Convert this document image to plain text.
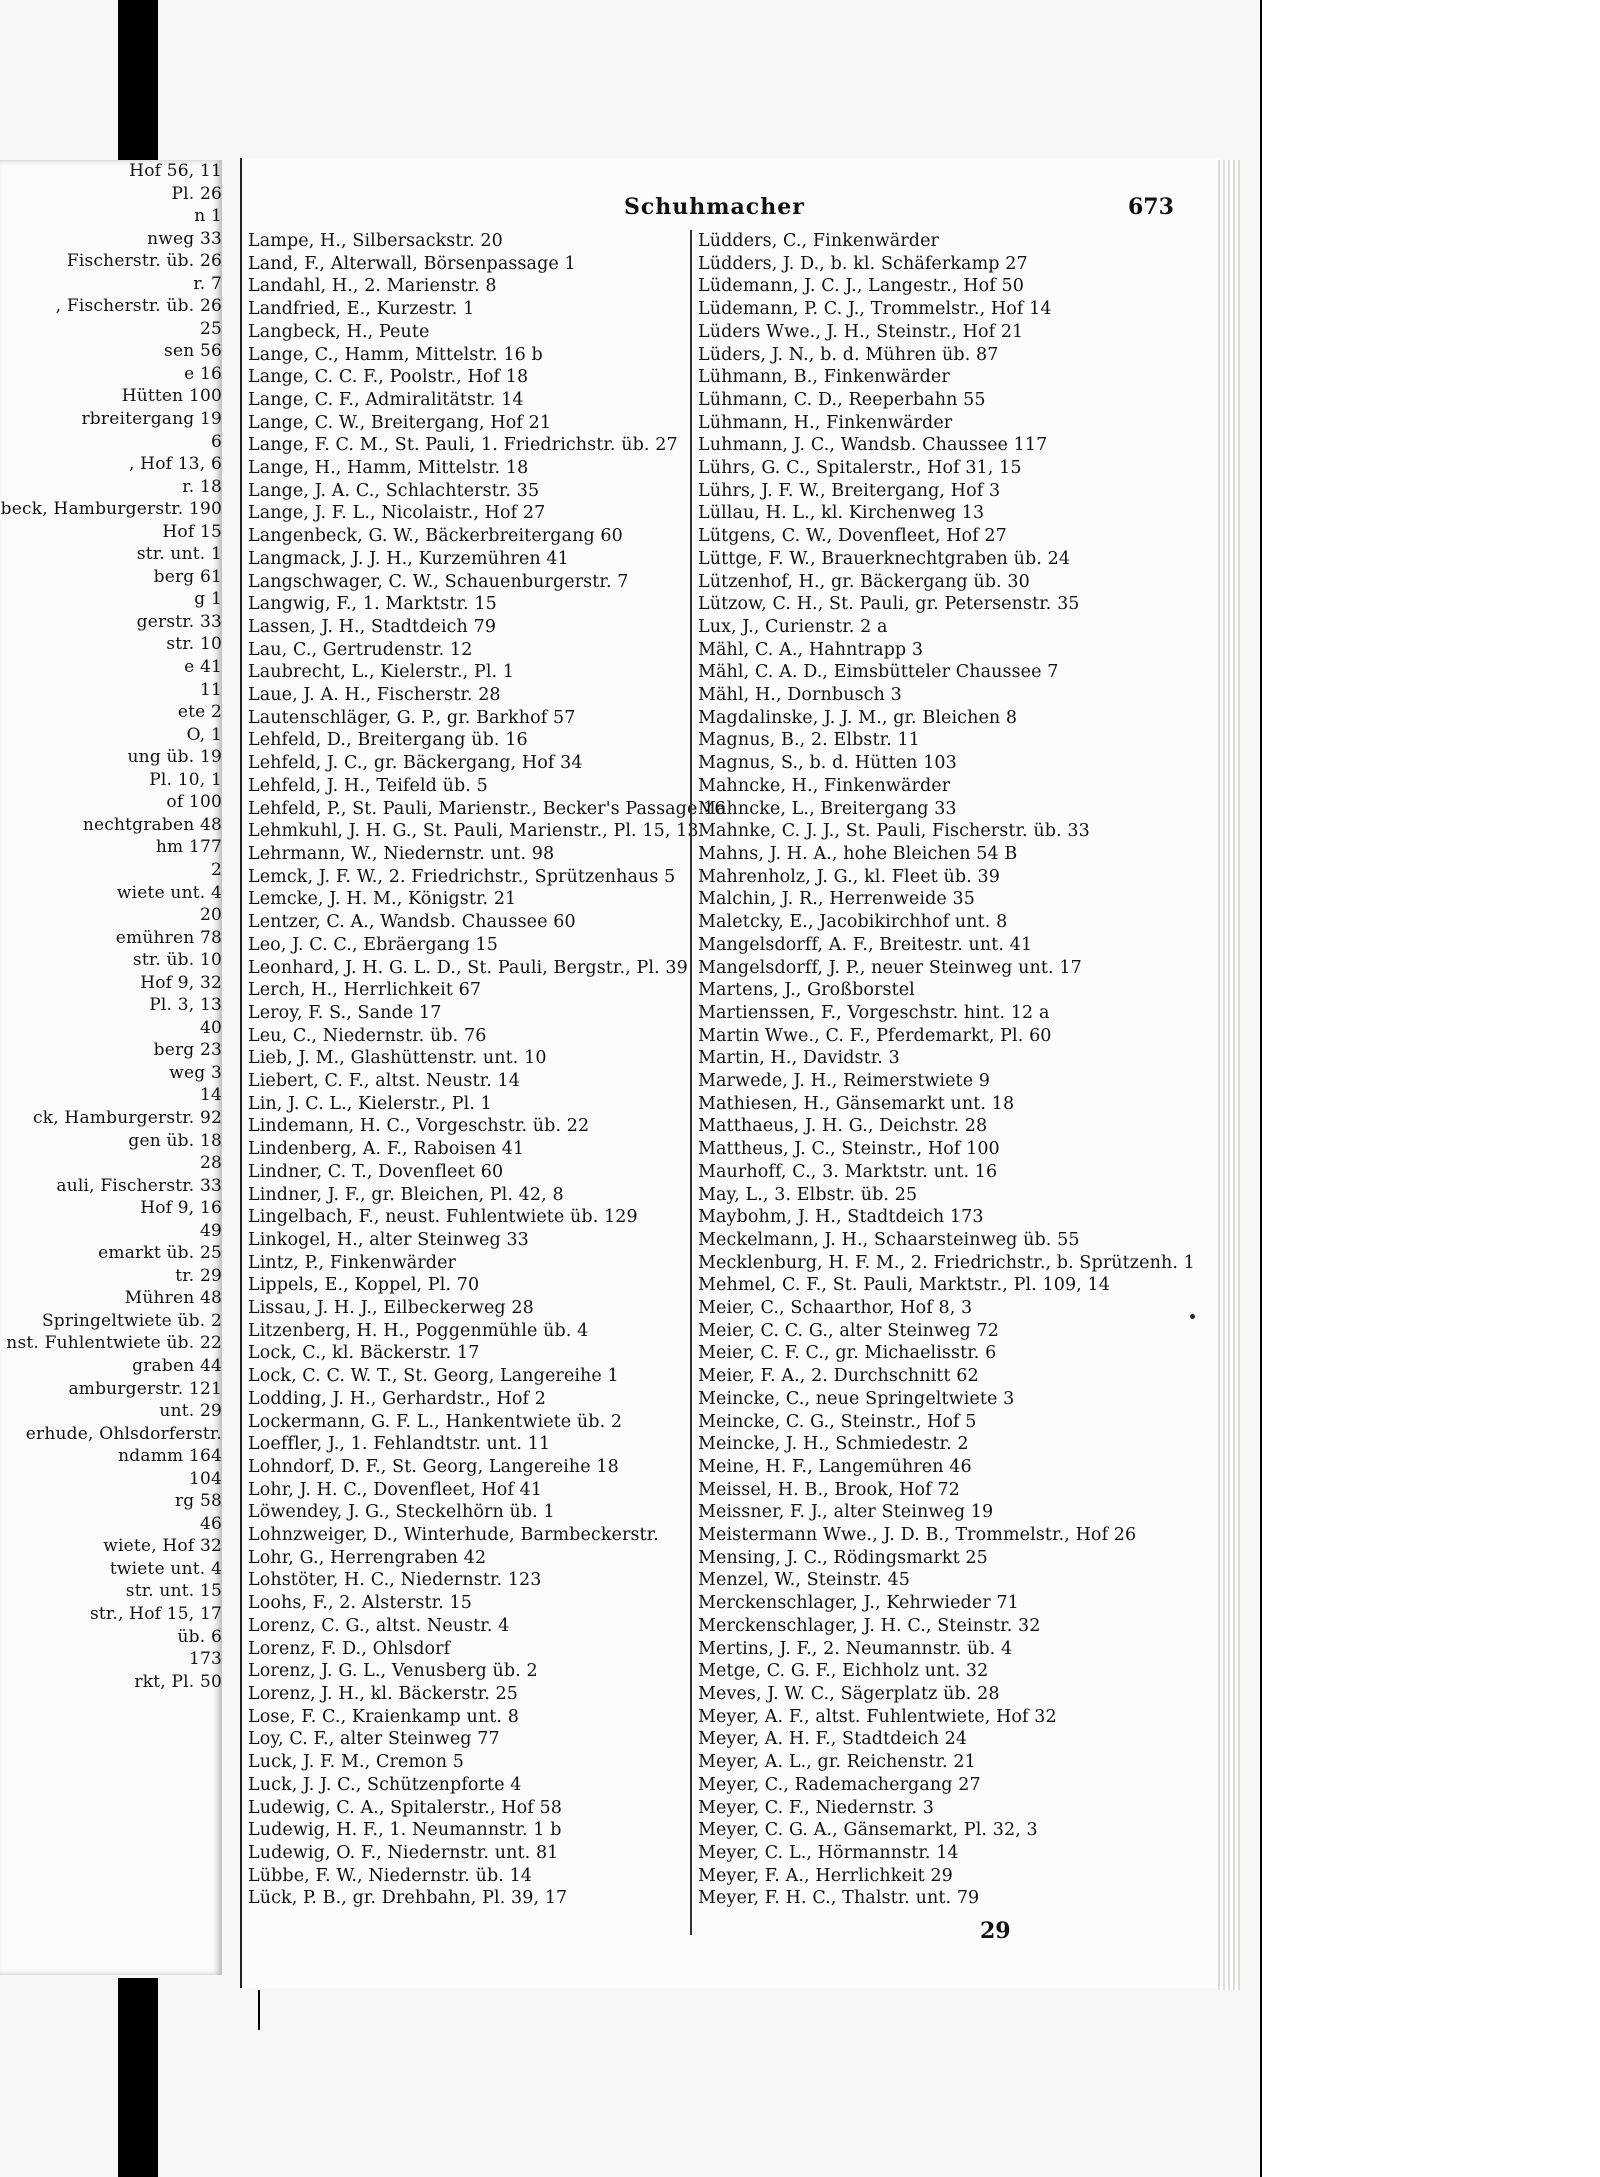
Hof 56, 11
Pl. 26
n 1
nweg 33
Fischerstr. üb. 26
r. 7
, Fischerstr. üb. 26
25
sen 56
e 16
Hütten 100
rbreitergang 19
6
, Hof 13, 6
r. 18
beck, Hamburgerstr. 190
Hof 15
str. unt. 1
berg 61
g 1
gerstr. 33
str. 10
e 41
11
ete 2
O, 1
ung üb. 19
Pl. 10, 1
of 100
nechtgraben 48
hm 177
2
wiete unt. 4
20
emühren 78
str. üb. 10
Hof 9, 32
Pl. 3, 13
40
berg 23
weg 3
14
ck, Hamburgerstr. 92
gen üb. 18
28
auli, Fischerstr. 33
Hof 9, 16
49
emarkt üb. 25
tr. 29
Mühren 48
Springeltwiete üb. 2
nst. Fuhlentwiete üb. 22
graben 44
amburgerstr. 121
unt. 29
erhude, Ohlsdorferstr.
ndamm 164
104
rg 58
46
wiete, Hof 32
twiete unt. 4
str. unt. 15
str., Hof 15, 17
üb. 6
173
rkt, Pl. 50
Schuhmacher	673
Lampe, H., Silbersackstr. 20
Land, F., Alterwall, Börsenpassage 1
Landahl, H., 2. Marienstr. 8
Landfried, E., Kurzestr. 1
Langbeck, H., Peute
Lange, C., Hamm, Mittelstr. 16 b
Lange, C. C. F., Poolstr., Hof 18
Lange, C. F., Admiralitätstr. 14
Lange, C. W., Breitergang, Hof 21
Lange, F. C. M., St. Pauli, 1. Friedrichstr. üb. 27
Lange, H., Hamm, Mittelstr. 18
Lange, J. A. C., Schlachterstr. 35
Lange, J. F. L., Nicolaistr., Hof 27
Langenbeck, G. W., Bäckerbreitergang 60
Langmack, J. J. H., Kurzemühren 41
Langschwager, C. W., Schauenburgerstr. 7
Langwig, F., 1. Marktstr. 15
Lassen, J. H., Stadtdeich 79
Lau, C., Gertrudenstr. 12
Laubrecht, L., Kielerstr., Pl. 1
Laue, J. A. H., Fischerstr. 28
Lautenschläger, G. P., gr. Barkhof 57
Lehfeld, D., Breitergang üb. 16
Lehfeld, J. C., gr. Bäckergang, Hof 34
Lehfeld, J. H., Teifeld üb. 5
Lehfeld, P., St. Pauli, Marienstr., Becker's Passage 16
Lehmkuhl, J. H. G., St. Pauli, Marienstr., Pl. 15, 13
Lehrmann, W., Niedernstr. unt. 98
Lemck, J. F. W., 2. Friedrichstr., Sprützenhaus 5
Lemcke, J. H. M., Königstr. 21
Lentzer, C. A., Wandsb. Chaussee 60
Leo, J. C. C., Ebräergang 15
Leonhard, J. H. G. L. D., St. Pauli, Bergstr., Pl. 39
Lerch, H., Herrlichkeit 67
Leroy, F. S., Sande 17
Leu, C., Niedernstr. üb. 76
Lieb, J. M., Glashüttenstr. unt. 10
Liebert, C. F., altst. Neustr. 14
Lin, J. C. L., Kielerstr., Pl. 1
Lindemann, H. C., Vorgeschstr. üb. 22
Lindenberg, A. F., Raboisen 41
Lindner, C. T., Dovenfleet 60
Lindner, J. F., gr. Bleichen, Pl. 42, 8
Lingelbach, F., neust. Fuhlentwiete üb. 129
Linkogel, H., alter Steinweg 33
Lintz, P., Finkenwärder
Lippels, E., Koppel, Pl. 70
Lissau, J. H. J., Eilbeckerweg 28
Litzenberg, H. H., Poggenmühle üb. 4
Lock, C., kl. Bäckerstr. 17
Lock, C. C. W. T., St. Georg, Langereihe 1
Lodding, J. H., Gerhardstr., Hof 2
Lockermann, G. F. L., Hankentwiete üb. 2
Loeffler, J., 1. Fehlandtstr. unt. 11
Lohndorf, D. F., St. Georg, Langereihe 18
Lohr, J. H. C., Dovenfleet, Hof 41
Löwendey, J. G., Steckelhörn üb. 1
Lohnzweiger, D., Winterhude, Barmbeckerstr.
Lohr, G., Herrengraben 42
Lohstöter, H. C., Niedernstr. 123
Loohs, F., 2. Alsterstr. 15
Lorenz, C. G., altst. Neustr. 4
Lorenz, F. D., Ohlsdorf
Lorenz, J. G. L., Venusberg üb. 2
Lorenz, J. H., kl. Bäckerstr. 25
Lose, F. C., Kraienkamp unt. 8
Loy, C. F., alter Steinweg 77
Luck, J. F. M., Cremon 5
Luck, J. J. C., Schützenpforte 4
Ludewig, C. A., Spitalerstr., Hof 58
Ludewig, H. F., 1. Neumannstr. 1 b
Ludewig, O. F., Niedernstr. unt. 81
Lübbe, F. W., Niedernstr. üb. 14
Lück, P. B., gr. Drehbahn, Pl. 39, 17
Lüdders, C., Finkenwärder
Lüdders, J. D., b. kl. Schäferkamp 27
Lüdemann, J. C. J., Langestr., Hof 50
Lüdemann, P. C. J., Trommelstr., Hof 14
Lüders Wwe., J. H., Steinstr., Hof 21
Lüders, J. N., b. d. Mühren üb. 87
Lühmann, B., Finkenwärder
Lühmann, C. D., Reeperbahn 55
Lühmann, H., Finkenwärder
Luhmann, J. C., Wandsb. Chaussee 117
Lührs, G. C., Spitalerstr., Hof 31, 15
Lührs, J. F. W., Breitergang, Hof 3
Lüllau, H. L., kl. Kirchenweg 13
Lütgens, C. W., Dovenfleet, Hof 27
Lüttge, F. W., Brauerknechtgraben üb. 24
Lützenhof, H., gr. Bäckergang üb. 30
Lützow, C. H., St. Pauli, gr. Petersenstr. 35
Lux, J., Curienstr. 2 a
Mähl, C. A., Hahntrapp 3
Mähl, C. A. D., Eimsbütteler Chaussee 7
Mähl, H., Dornbusch 3
Magdalinske, J. J. M., gr. Bleichen 8
Magnus, B., 2. Elbstr. 11
Magnus, S., b. d. Hütten 103
Mahncke, H., Finkenwärder
Mahncke, L., Breitergang 33
Mahnke, C. J. J., St. Pauli, Fischerstr. üb. 33
Mahns, J. H. A., hohe Bleichen 54 B
Mahrenholz, J. G., kl. Fleet üb. 39
Malchin, J. R., Herrenweide 35
Maletcky, E., Jacobikirchhof unt. 8
Mangelsdorff, A. F., Breitestr. unt. 41
Mangelsdorff, J. P., neuer Steinweg unt. 17
Martens, J., Großborstel
Martienssen, F., Vorgeschstr. hint. 12 a
Martin Wwe., C. F., Pferdemarkt, Pl. 60
Martin, H., Davidstr. 3
Marwede, J. H., Reimerstwiete 9
Mathiesen, H., Gänsemarkt unt. 18
Matthaeus, J. H. G., Deichstr. 28
Mattheus, J. C., Steinstr., Hof 100
Maurhoff, C., 3. Marktstr. unt. 16
May, L., 3. Elbstr. üb. 25
Maybohm, J. H., Stadtdeich 173
Meckelmann, J. H., Schaarsteinweg üb. 55
Mecklenburg, H. F. M., 2. Friedrichstr., b. Sprützenh. 1
Mehmel, C. F., St. Pauli, Marktstr., Pl. 109, 14
Meier, C., Schaarthor, Hof 8, 3
Meier, C. C. G., alter Steinweg 72
Meier, C. F. C., gr. Michaelisstr. 6
Meier, F. A., 2. Durchschnitt 62
Meincke, C., neue Springeltwiete 3
Meincke, C. G., Steinstr., Hof 5
Meincke, J. H., Schmiedestr. 2
Meine, H. F., Langemühren 46
Meissel, H. B., Brook, Hof 72
Meissner, F. J., alter Steinweg 19
Meistermann Wwe., J. D. B., Trommelstr., Hof 26
Mensing, J. C., Rödingsmarkt 25
Menzel, W., Steinstr. 45
Merckenschlager, J., Kehrwieder 71
Merckenschlager, J. H. C., Steinstr. 32
Mertins, J. F., 2. Neumannstr. üb. 4
Metge, C. G. F., Eichholz unt. 32
Meves, J. W. C., Sägerplatz üb. 28
Meyer, A. F., altst. Fuhlentwiete, Hof 32
Meyer, A. H. F., Stadtdeich 24
Meyer, A. L., gr. Reichenstr. 21
Meyer, C., Rademachergang 27
Meyer, C. F., Niedernstr. 3
Meyer, C. G. A., Gänsemarkt, Pl. 32, 3
Meyer, C. L., Hörmannstr. 14
Meyer, F. A., Herrlichkeit 29
Meyer, F. H. C., Thalstr. unt. 79
29
